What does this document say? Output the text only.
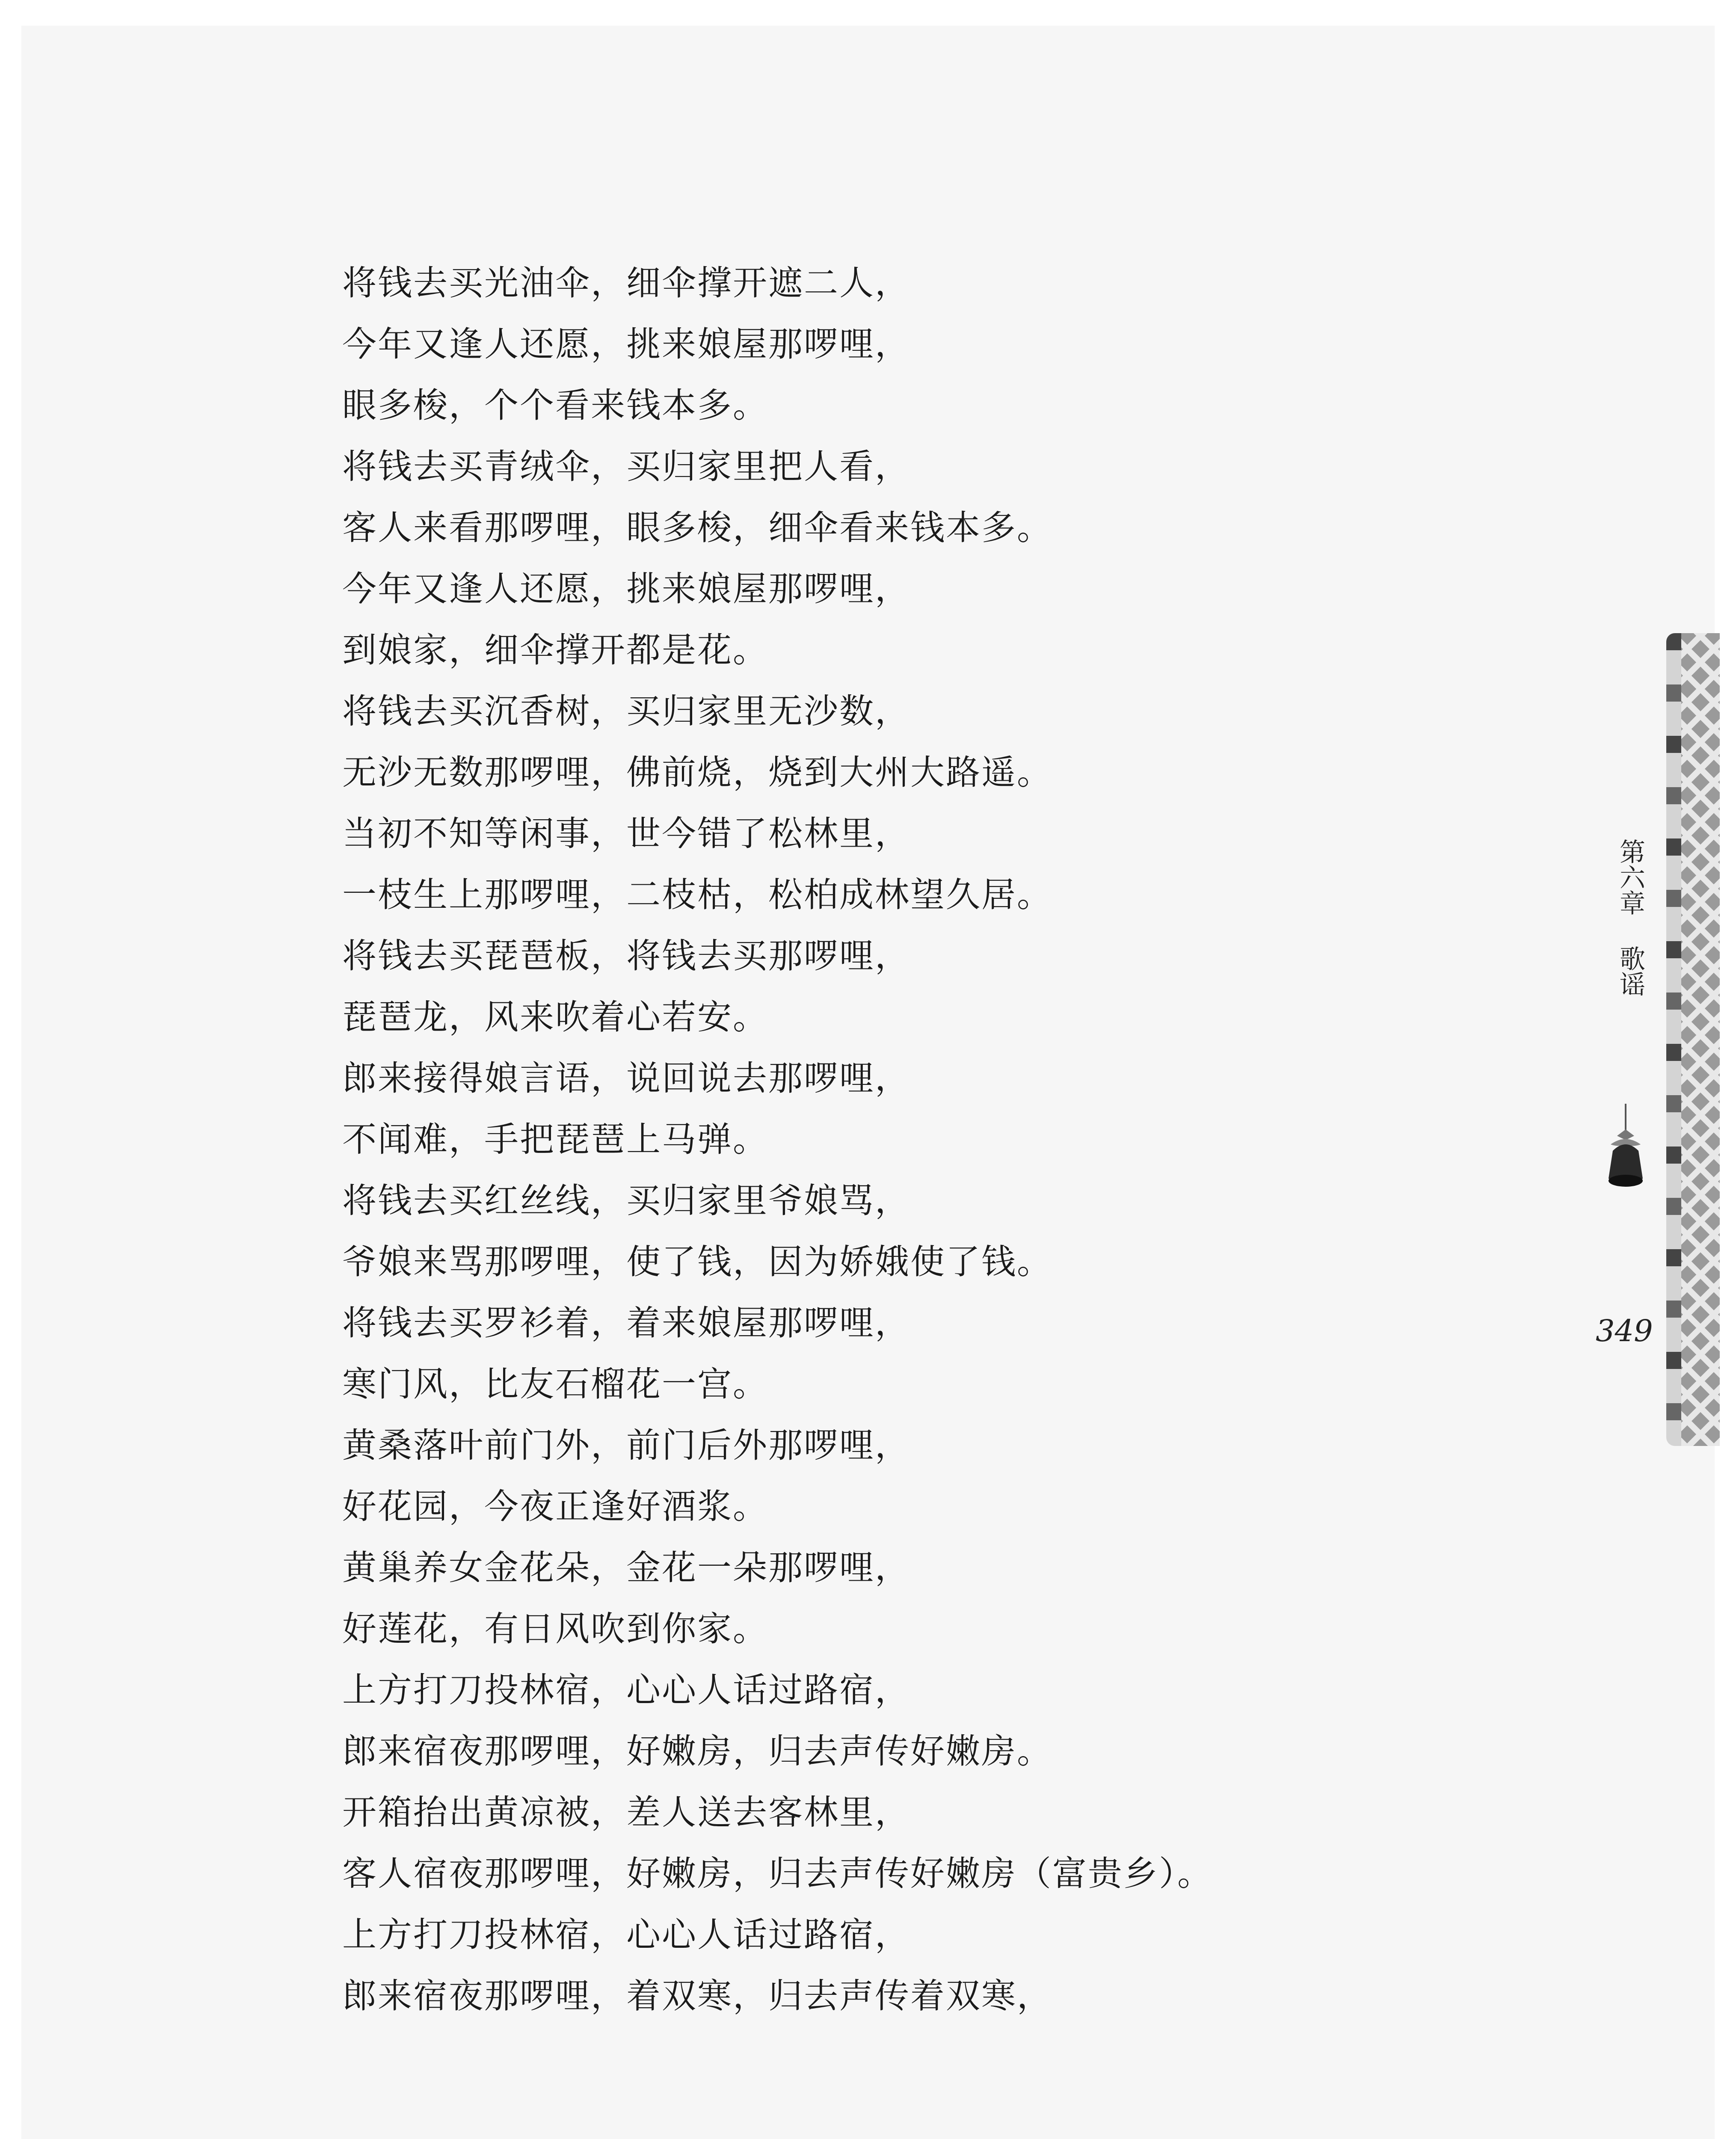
将钱去买光油伞，细伞撑开遮二人，
今年又逢人还愿，挑来娘屋那啰哩，
眼多梭，个个看来钱本多。
将钱去买青绒伞，买归家里把人看，
客人来看那啰哩，眼多梭，细伞看来钱本多。
今年又逢人还愿，挑来娘屋那啰哩，
到娘家，细伞撑开都是花。
将钱去买沉香树，买归家里无沙数，
无沙无数那啰哩，佛前烧，烧到大州大路遥。
当初不知等闲事，世今错了松林里，
一枝生上那啰哩，二枝枯，松柏成林望久居。
将钱去买琵琶板，将钱去买那啰哩，
琵琶龙，风来吹着心若安。
郎来接得娘言语，说回说去那啰哩，
不闻难，手把琵琶上马弹。
将钱去买红丝线，买归家里爷娘骂，
爷娘来骂那啰哩，使了钱，因为娇娥使了钱。
将钱去买罗衫着，着来娘屋那啰哩，
寒门风，比友石榴花一宫。
黄桑落叶前门外，前门后外那啰哩，
好花园，今夜正逢好酒浆。
黄巢养女金花朵，金花一朵那啰哩，
好莲花，有日风吹到你家。
上方打刀投林宿，心心人话过路宿，
郎来宿夜那啰哩，好嫩房，归去声传好嫩房。
开箱抬出黄凉被，差人送去客林里，
客人宿夜那啰哩，好嫩房，归去声传好嫩房（富贵乡）。
上方打刀投林宿，心心人话过路宿，
郎来宿夜那啰哩，着双寒，归去声传着双寒，
第六章歌谣
349
